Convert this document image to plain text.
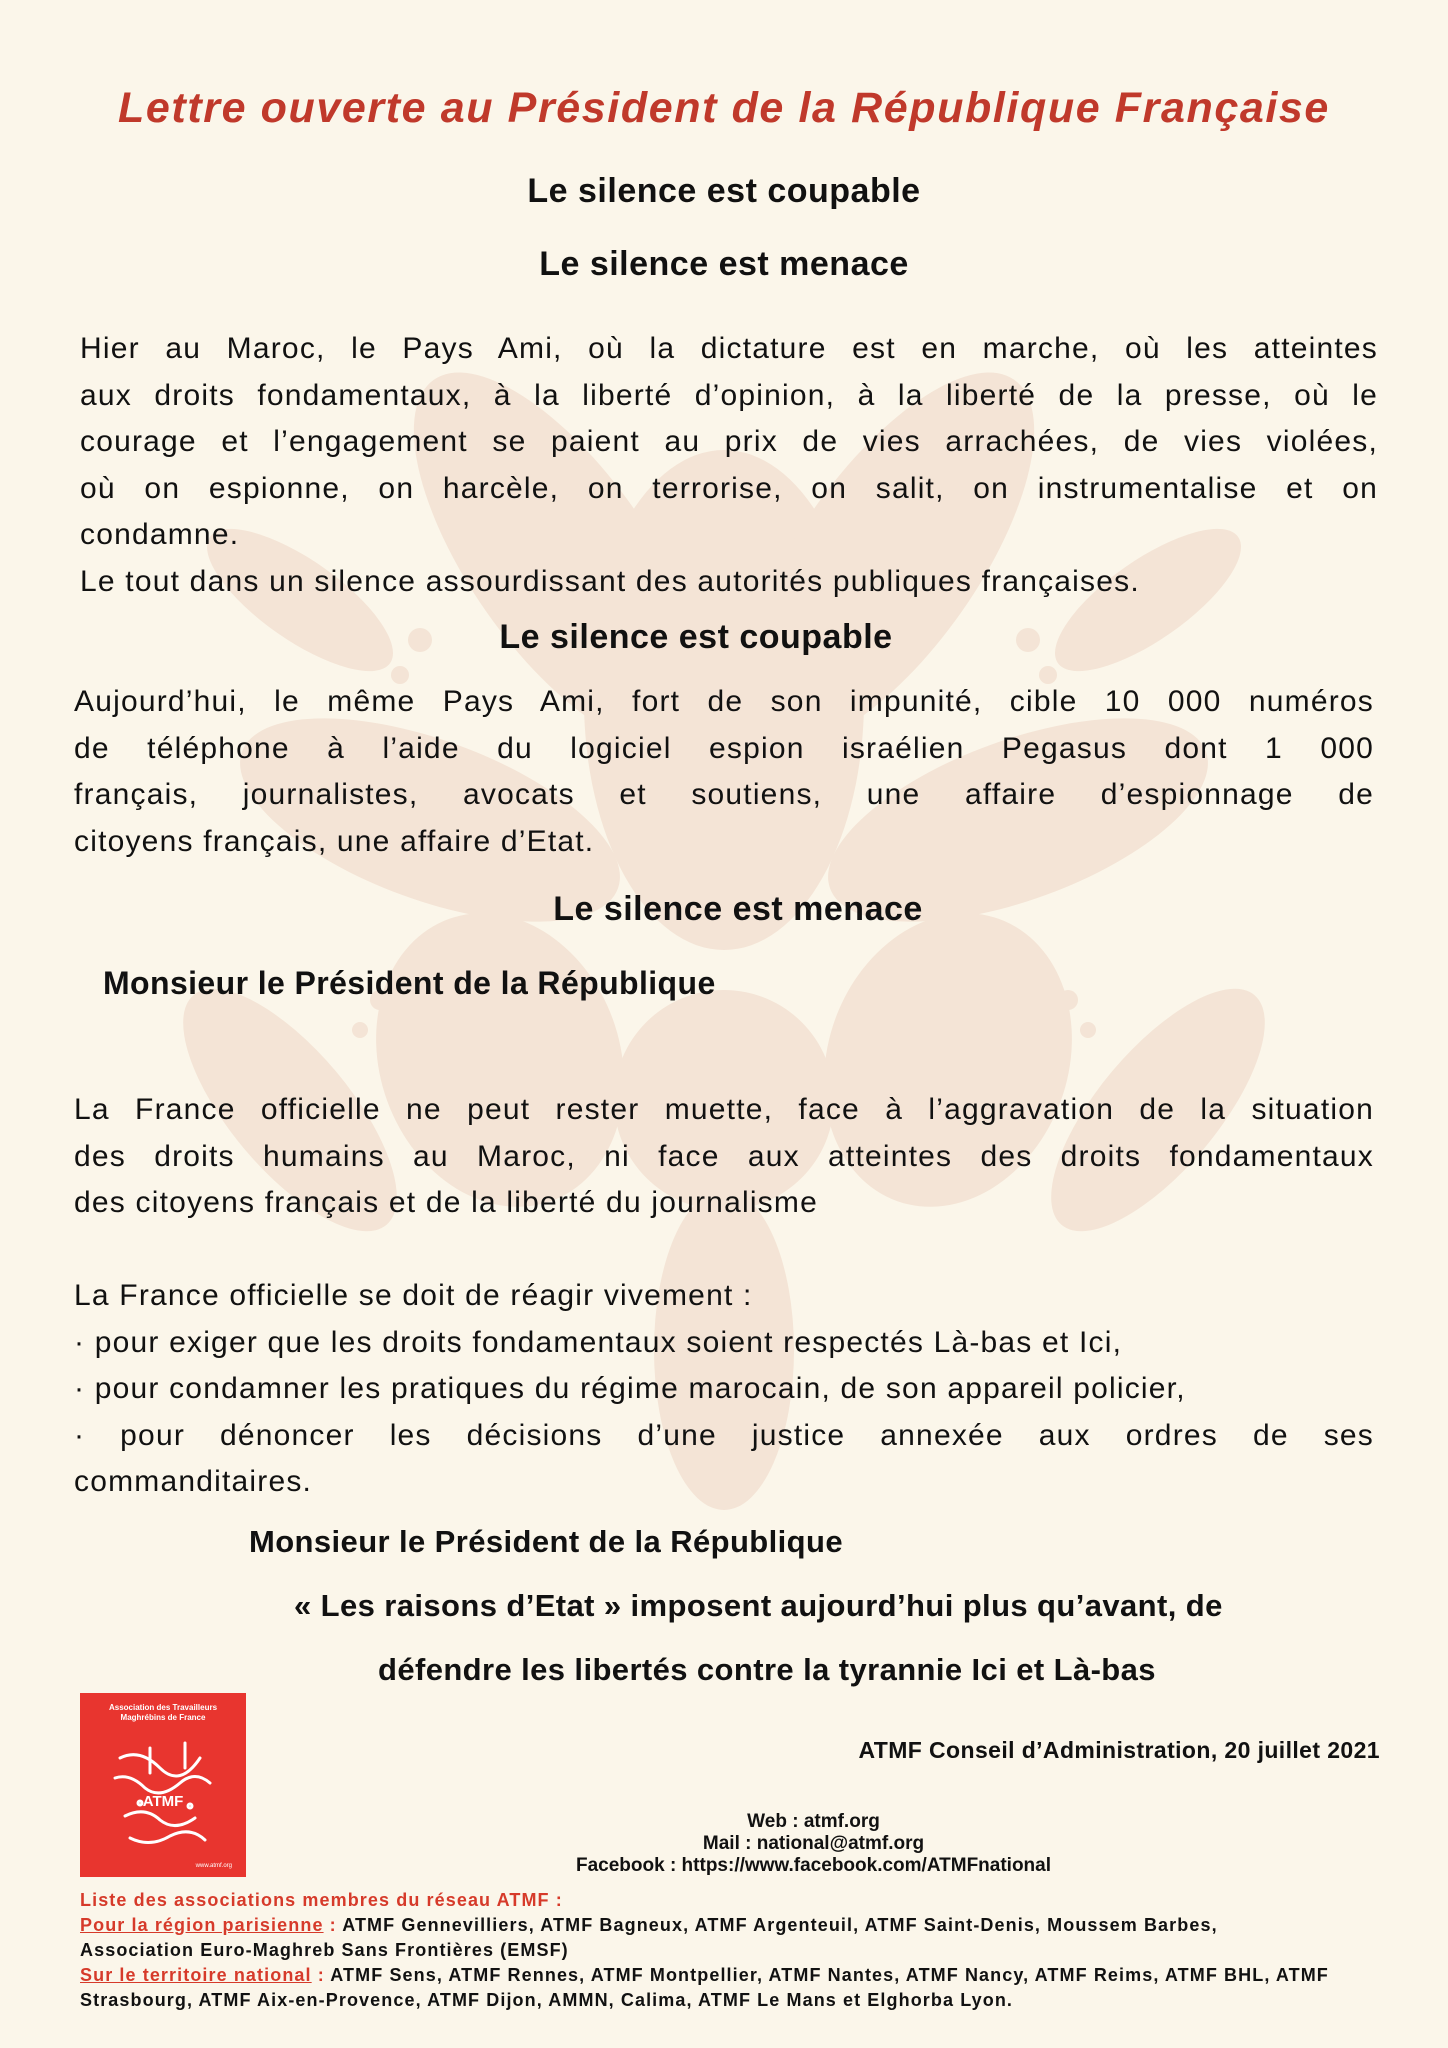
Lettre ouverte au Président de la République Française
Le silence est coupable
Le silence est menace
Hier au Maroc, le Pays Ami, où la dictature est en marche, où les atteintes
aux droits fondamentaux, à la liberté d’opinion, à la liberté de la presse, où le
courage et l’engagement se paient au prix de vies arrachées, de vies violées,
où on espionne, on harcèle, on terrorise, on salit, on instrumentalise et on
condamne.
Le tout dans un silence assourdissant des autorités publiques françaises.
Le silence est coupable
Aujourd’hui, le même Pays Ami, fort de son impunité, cible 10 000 numéros
de téléphone à l’aide du logiciel espion israélien Pegasus dont 1 000
français, journalistes, avocats et soutiens, une affaire d’espionnage de
citoyens français, une affaire d’Etat.
Le silence est menace
Monsieur le Président de la République
La France officielle ne peut rester muette, face à l’aggravation de la situation
des droits humains au Maroc, ni face aux atteintes des droits fondamentaux
des citoyens français et de la liberté du journalisme
La France officielle se doit de réagir vivement :
· pour exiger que les droits fondamentaux soient respectés Là-bas et Ici,
· pour condamner les pratiques du régime marocain, de son appareil policier,
· pour dénoncer les décisions d’une justice annexée aux ordres de ses
commanditaires.
Monsieur le Président de la République
« Les raisons d’Etat » imposent aujourd’hui plus qu’avant, de
défendre les libertés contre la tyrannie Ici et Là-bas
Association des Travailleurs
Maghrébins de France
ATMF
www.atmf.org
ATMF Conseil d’Administration, 20 juillet 2021
Web : atmf.org
Mail : national@atmf.org
Facebook : https://www.facebook.com/ATMFnational
Liste des associations membres du réseau ATMF :
Pour la région parisienne : ATMF Gennevilliers, ATMF Bagneux, ATMF Argenteuil, ATMF Saint-Denis, Moussem Barbes, Association Euro-Maghreb Sans Frontières (EMSF)
Sur le territoire national : ATMF Sens, ATMF Rennes, ATMF Montpellier, ATMF Nantes, ATMF Nancy, ATMF Reims, ATMF BHL, ATMF Strasbourg, ATMF Aix-en-Provence, ATMF Dijon, AMMN, Calima, ATMF Le Mans et Elghorba Lyon.
